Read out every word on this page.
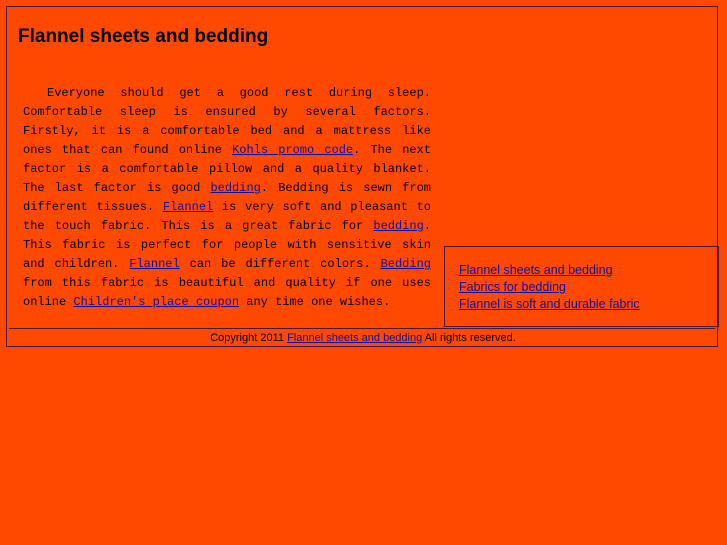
Flannel sheets and bedding

Everyone should get a good rest during sleep. Comfortable sleep is ensured by several factors. Firstly, it is a comfortable bed and a mattress like ones that can found online Kohls promo code. The next factor is a comfortable pillow and a quality blanket. The last factor is good bedding. Bedding is sewn from different tissues. Flannel is very soft and pleasant to the touch fabric. This is a great fabric for bedding. This fabric is perfect for people with sensitive skin and children. Flannel can be different colors. Bedding from this fabric is beautiful and quality if one uses online Children's place coupon any time one wishes.

Flannel sheets and bedding
Fabrics for bedding
Flannel is soft and durable fabric
Copyright 2011 Flannel sheets and bedding All rights reserved.
